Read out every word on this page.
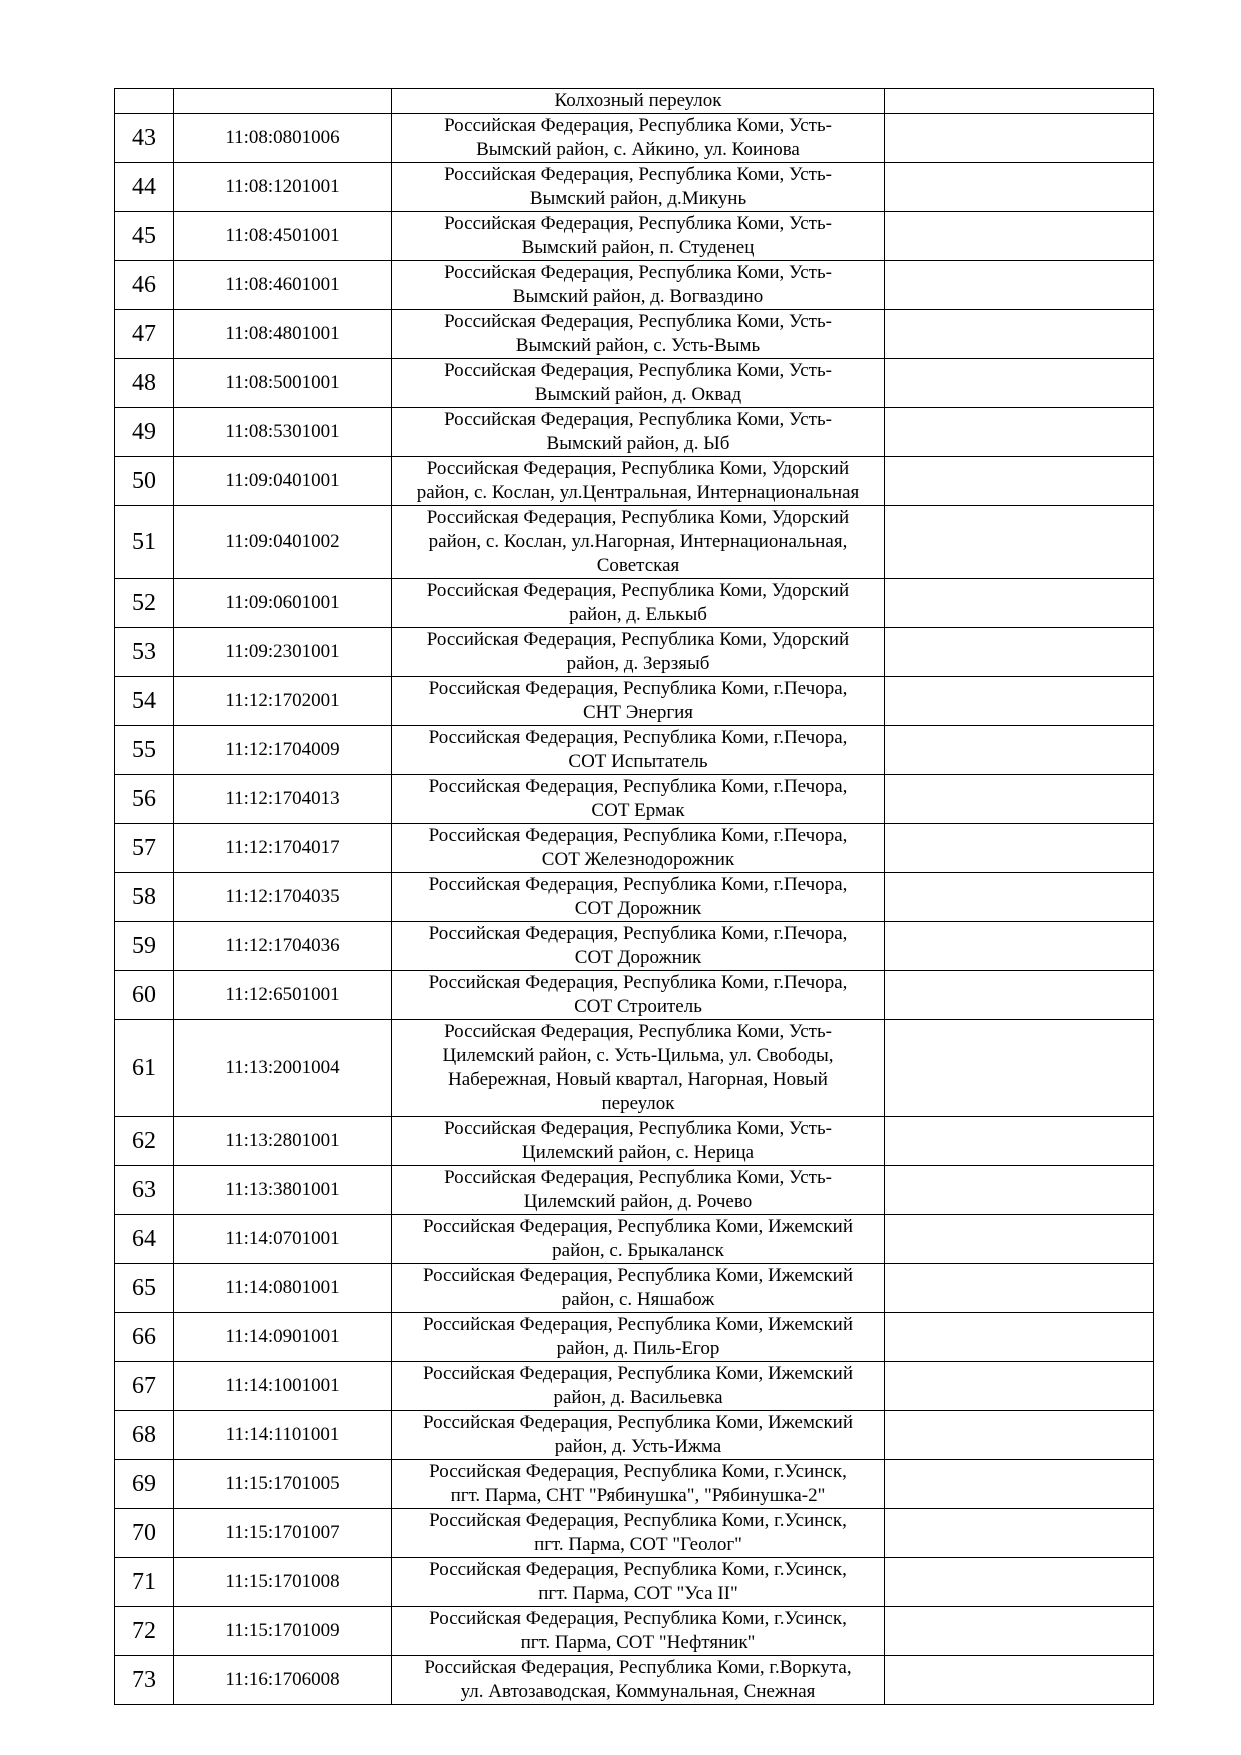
		Колхозный переулок	
43	11:08:0801006	Российская Федерация, Республика Коми, Усть-
Вымский район, с. Айкино, ул. Коинова	
44	11:08:1201001	Российская Федерация, Республика Коми, Усть-
Вымский район, д.Микунь	
45	11:08:4501001	Российская Федерация, Республика Коми, Усть-
Вымский район, п. Студенец	
46	11:08:4601001	Российская Федерация, Республика Коми, Усть-
Вымский район, д. Вогваздино	
47	11:08:4801001	Российская Федерация, Республика Коми, Усть-
Вымский район, с. Усть-Вымь	
48	11:08:5001001	Российская Федерация, Республика Коми, Усть-
Вымский район, д. Оквад	
49	11:08:5301001	Российская Федерация, Республика Коми, Усть-
Вымский район, д. Ыб	
50	11:09:0401001	Российская Федерация, Республика Коми, Удорский
район, с. Кослан, ул.Центральная, Интернациональная	
51	11:09:0401002	Российская Федерация, Республика Коми, Удорский
район, с. Кослан, ул.Нагорная, Интернациональная,
Советская	
52	11:09:0601001	Российская Федерация, Республика Коми, Удорский
район, д. Елькыб	
53	11:09:2301001	Российская Федерация, Республика Коми, Удорский
район, д. Зерзяыб	
54	11:12:1702001	Российская Федерация, Республика Коми, г.Печора,
СНТ Энергия	
55	11:12:1704009	Российская Федерация, Республика Коми, г.Печора,
СОТ Испытатель	
56	11:12:1704013	Российская Федерация, Республика Коми, г.Печора,
СОТ Ермак	
57	11:12:1704017	Российская Федерация, Республика Коми, г.Печора,
СОТ Железнодорожник	
58	11:12:1704035	Российская Федерация, Республика Коми, г.Печора,
СОТ Дорожник	
59	11:12:1704036	Российская Федерация, Республика Коми, г.Печора,
СОТ Дорожник	
60	11:12:6501001	Российская Федерация, Республика Коми, г.Печора,
СОТ Строитель	
61	11:13:2001004	Российская Федерация, Республика Коми, Усть-
Цилемский район, с. Усть-Цильма, ул. Свободы,
Набережная, Новый квартал, Нагорная, Новый
переулок	
62	11:13:2801001	Российская Федерация, Республика Коми, Усть-
Цилемский район, с. Нерица	
63	11:13:3801001	Российская Федерация, Республика Коми, Усть-
Цилемский район, д. Рочево	
64	11:14:0701001	Российская Федерация, Республика Коми, Ижемский
район, с. Брыкаланск	
65	11:14:0801001	Российская Федерация, Республика Коми, Ижемский
район, с. Няшабож	
66	11:14:0901001	Российская Федерация, Республика Коми, Ижемский
район, д. Пиль-Егор	
67	11:14:1001001	Российская Федерация, Республика Коми, Ижемский
район, д. Васильевка	
68	11:14:1101001	Российская Федерация, Республика Коми, Ижемский
район, д. Усть-Ижма	
69	11:15:1701005	Российская Федерация, Республика Коми, г.Усинск,
пгт. Парма, СНТ "Рябинушка", "Рябинушка-2"	
70	11:15:1701007	Российская Федерация, Республика Коми, г.Усинск,
пгт. Парма, СОТ "Геолог"	
71	11:15:1701008	Российская Федерация, Республика Коми, г.Усинск,
пгт. Парма, СОТ "Уса II"	
72	11:15:1701009	Российская Федерация, Республика Коми, г.Усинск,
пгт. Парма, СОТ "Нефтяник"	
73	11:16:1706008	Российская Федерация, Республика Коми, г.Воркута,
ул. Автозаводская, Коммунальная, Снежная	
